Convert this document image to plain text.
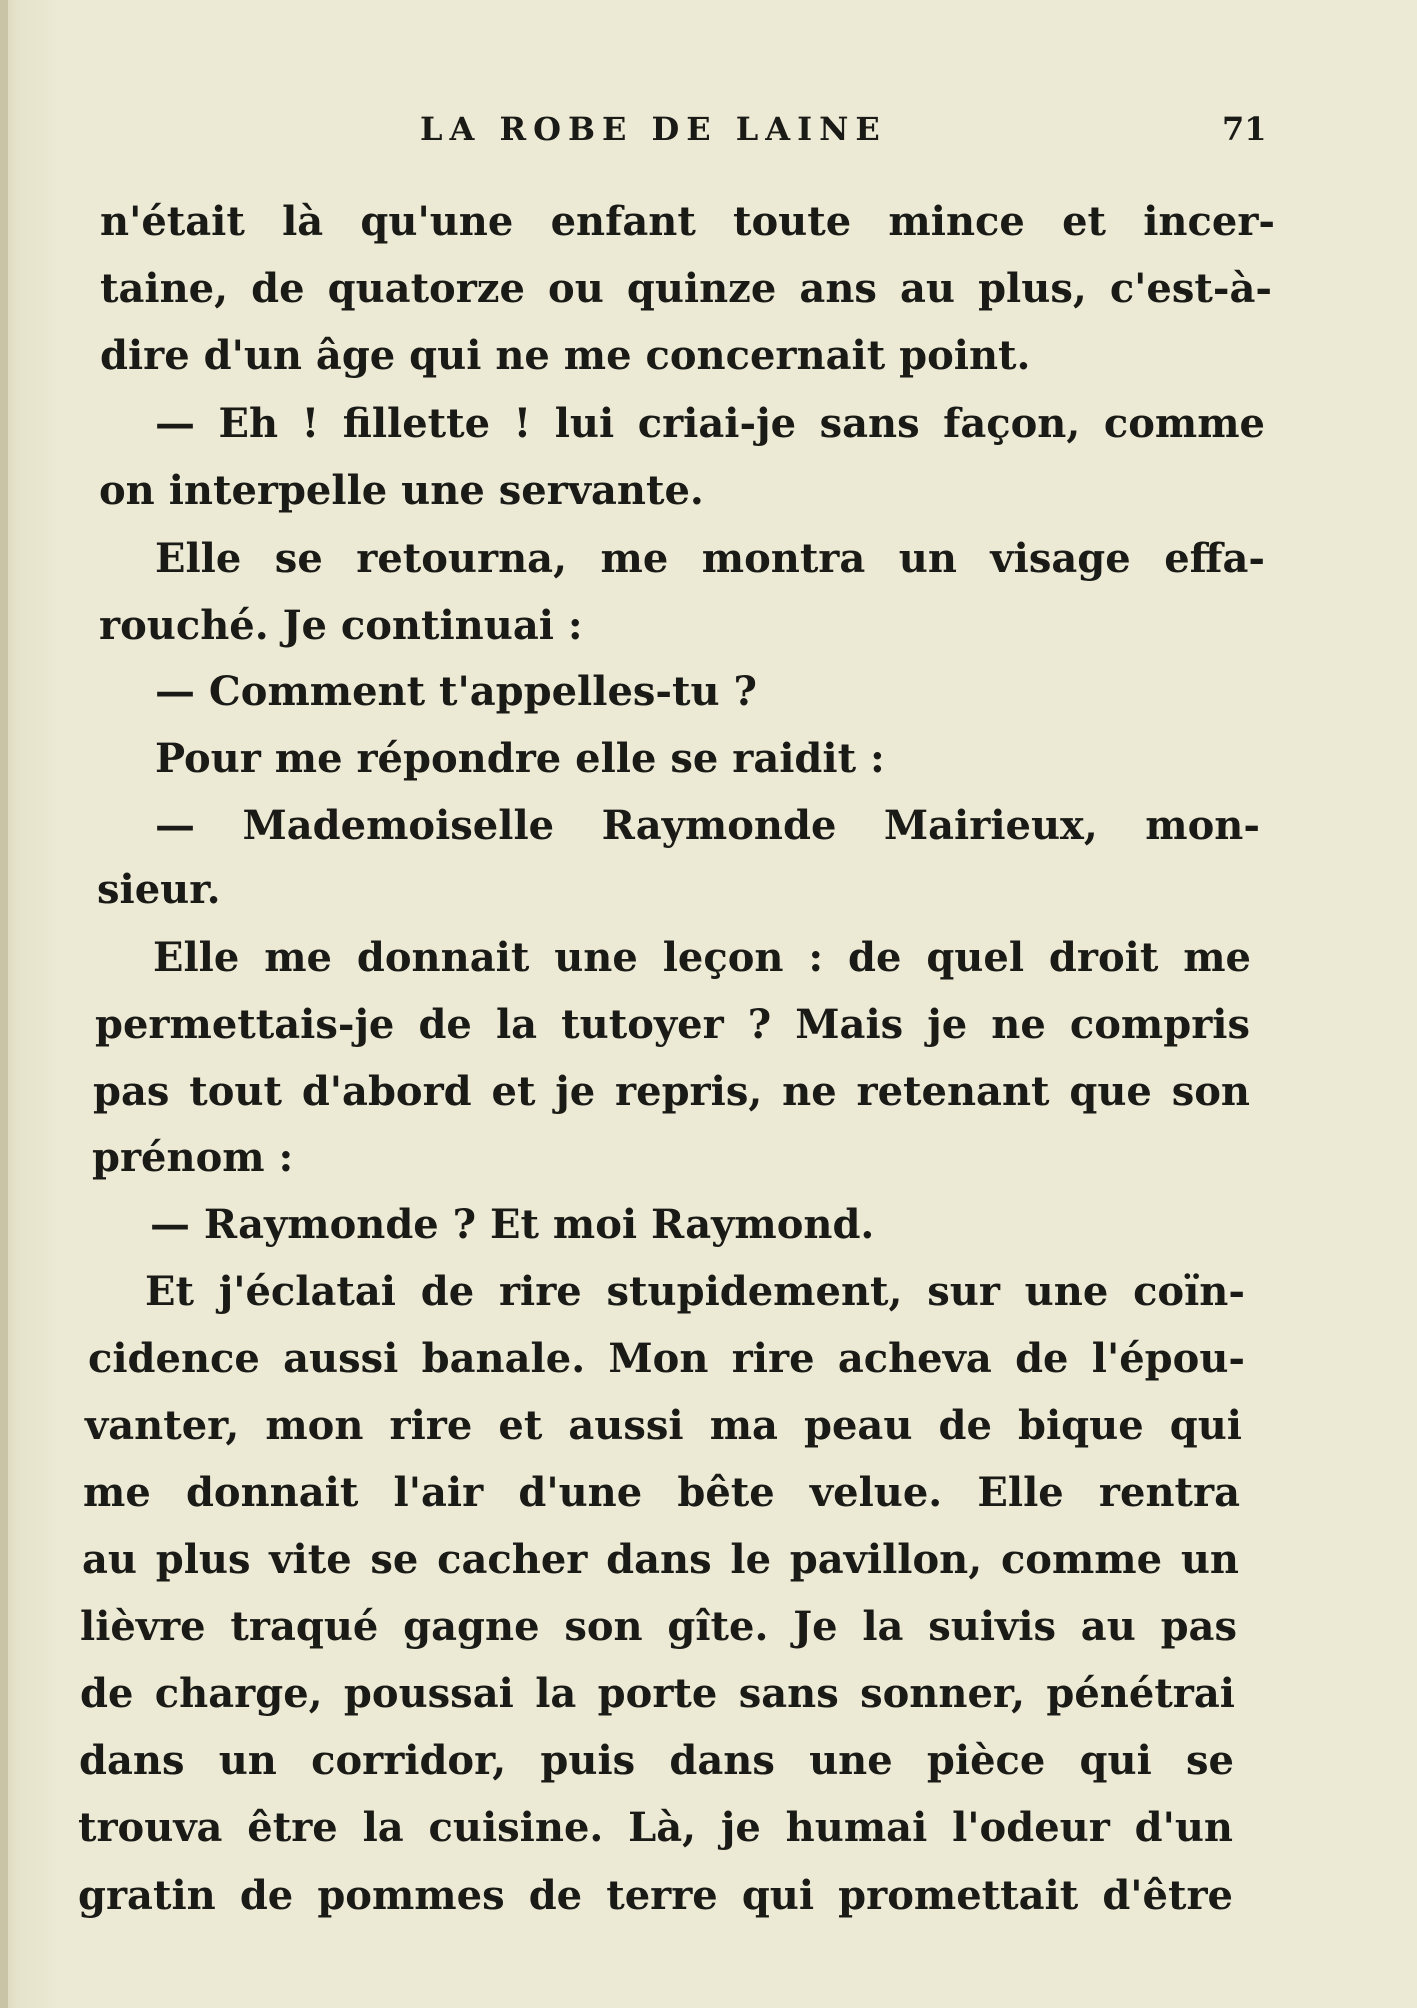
LA ROBE DE LAINE	71
n'était là qu'une enfant toute mince et incer-
taine, de quatorze ou quinze ans au plus, c'est-à-
dire d'un âge qui ne me concernait point.
— Eh ! fillette ! lui criai-je sans façon, comme
on interpelle une servante.
Elle se retourna, me montra un visage effa-
rouché. Je continuai :
— Comment t'appelles-tu ?
Pour me répondre elle se raidit :
— Mademoiselle Raymonde Mairieux, mon-
sieur.
Elle me donnait une leçon : de quel droit me
permettais-je de la tutoyer ? Mais je ne compris
pas tout d'abord et je repris, ne retenant que son
prénom :
— Raymonde ? Et moi Raymond.
Et j'éclatai de rire stupidement, sur une coïn-
cidence aussi banale. Mon rire acheva de l'épou-
vanter, mon rire et aussi ma peau de bique qui
me donnait l'air d'une bête velue. Elle rentra
au plus vite se cacher dans le pavillon, comme un
lièvre traqué gagne son gîte. Je la suivis au pas
de charge, poussai la porte sans sonner, pénétrai
dans un corridor, puis dans une pièce qui se
trouva être la cuisine. Là, je humai l'odeur d'un
gratin de pommes de terre qui promettait d'être
